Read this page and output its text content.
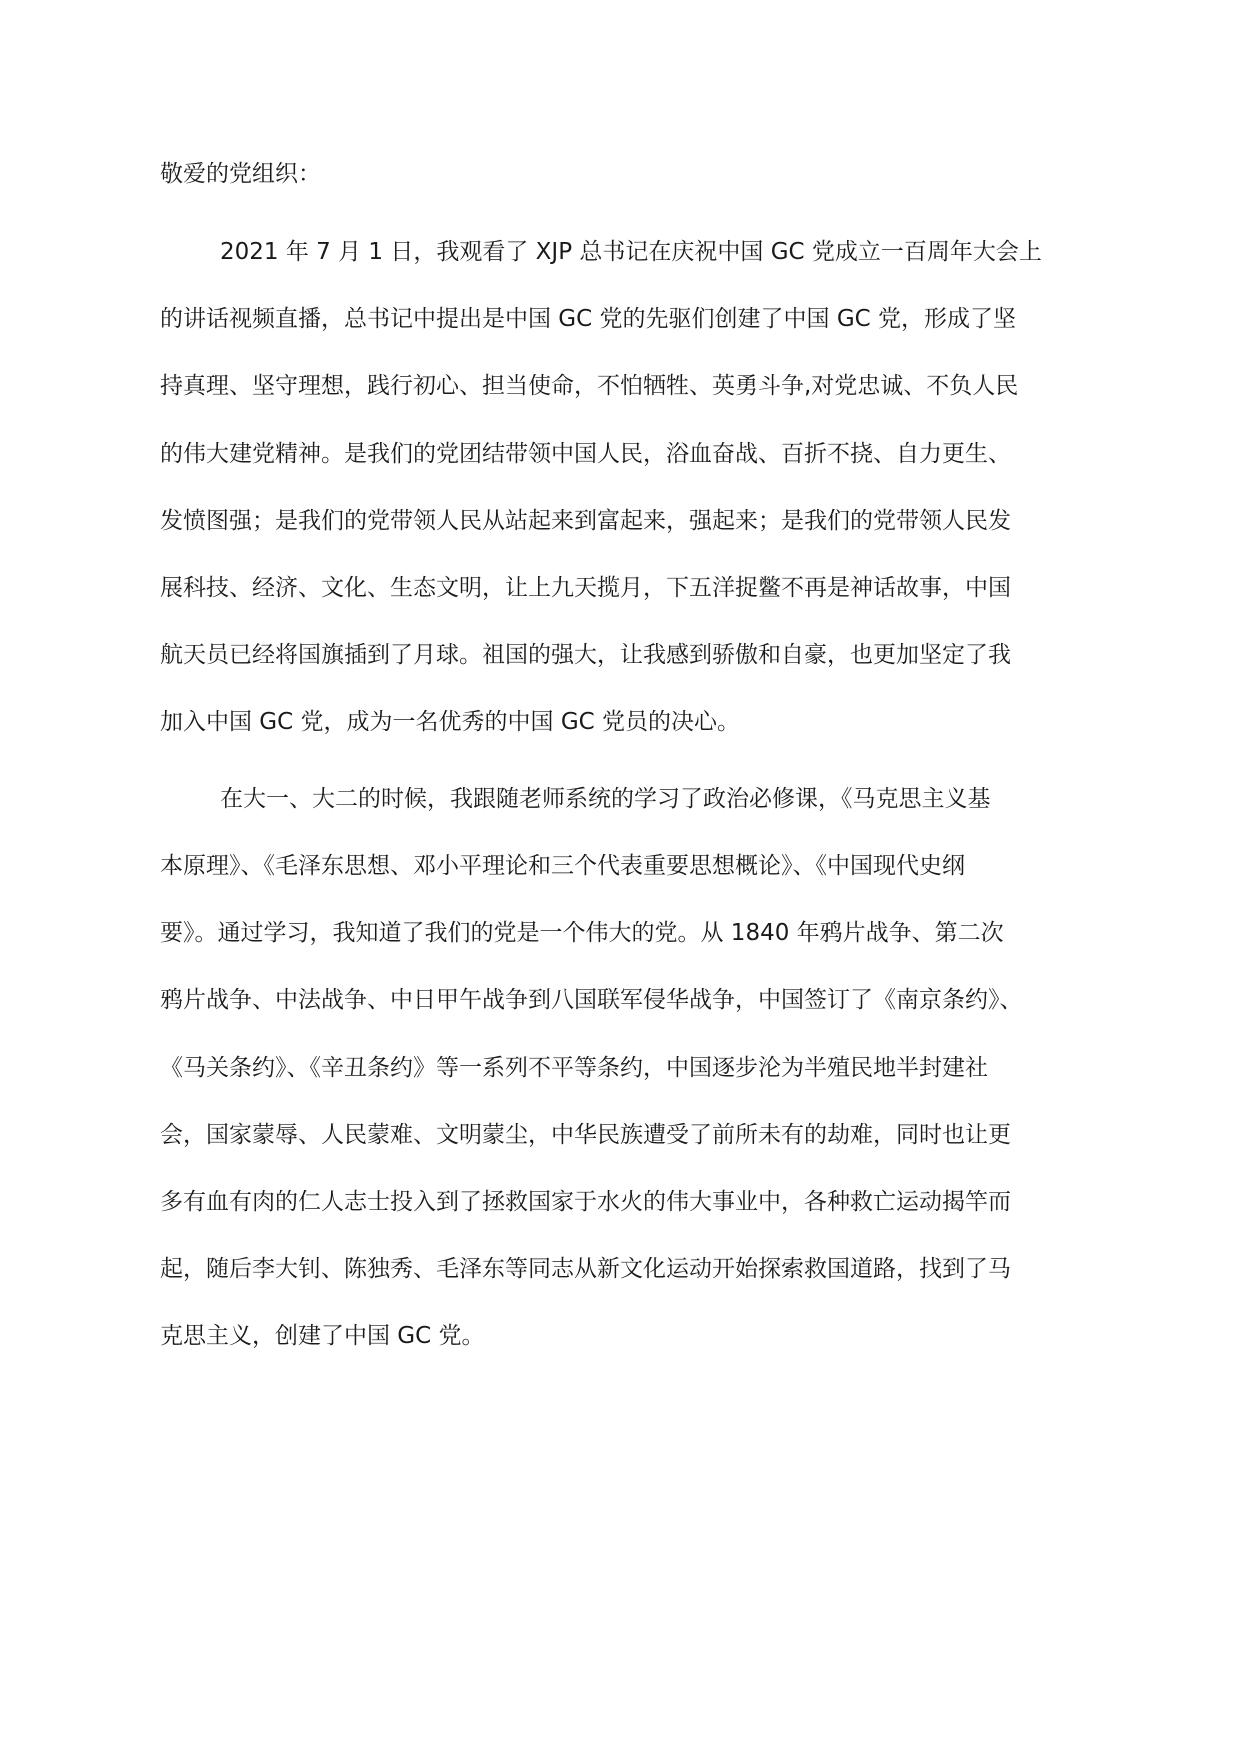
敬爱的党组织：
2021 年 7 月 1 日，我观看了 XJP 总书记在庆祝中国 GC 党成立一百周年大会上
的讲话视频直播，总书记中提出是中国 GC 党的先驱们创建了中国 GC 党，形成了坚
持真理、坚守理想，践行初心、担当使命，不怕牺牲、英勇斗争,对党忠诚、不负人民
的伟大建党精神。是我们的党团结带领中国人民，浴血奋战、百折不挠、自力更生、
发愤图强；是我们的党带领人民从站起来到富起来，强起来；是我们的党带领人民发
展科技、经济、文化、生态文明，让上九天揽月，下五洋捉鳖不再是神话故事，中国
航天员已经将国旗插到了月球。祖国的强大，让我感到骄傲和自豪，也更加坚定了我
加入中国 GC 党，成为一名优秀的中国 GC 党员的决心。
在大一、大二的时候，我跟随老师系统的学习了政治必修课，《马克思主义基
本原理》、《毛泽东思想、邓小平理论和三个代表重要思想概论》、《中国现代史纲
要》。通过学习，我知道了我们的党是一个伟大的党。从 1840 年鸦片战争、第二次
鸦片战争、中法战争、中日甲午战争到八国联军侵华战争，中国签订了《南京条约》、
《马关条约》、《辛丑条约》等一系列不平等条约，中国逐步沦为半殖民地半封建社
会，国家蒙辱、人民蒙难、文明蒙尘，中华民族遭受了前所未有的劫难，同时也让更
多有血有肉的仁人志士投入到了拯救国家于水火的伟大事业中，各种救亡运动揭竿而
起，随后李大钊、陈独秀、毛泽东等同志从新文化运动开始探索救国道路，找到了马
克思主义，创建了中国 GC 党。
